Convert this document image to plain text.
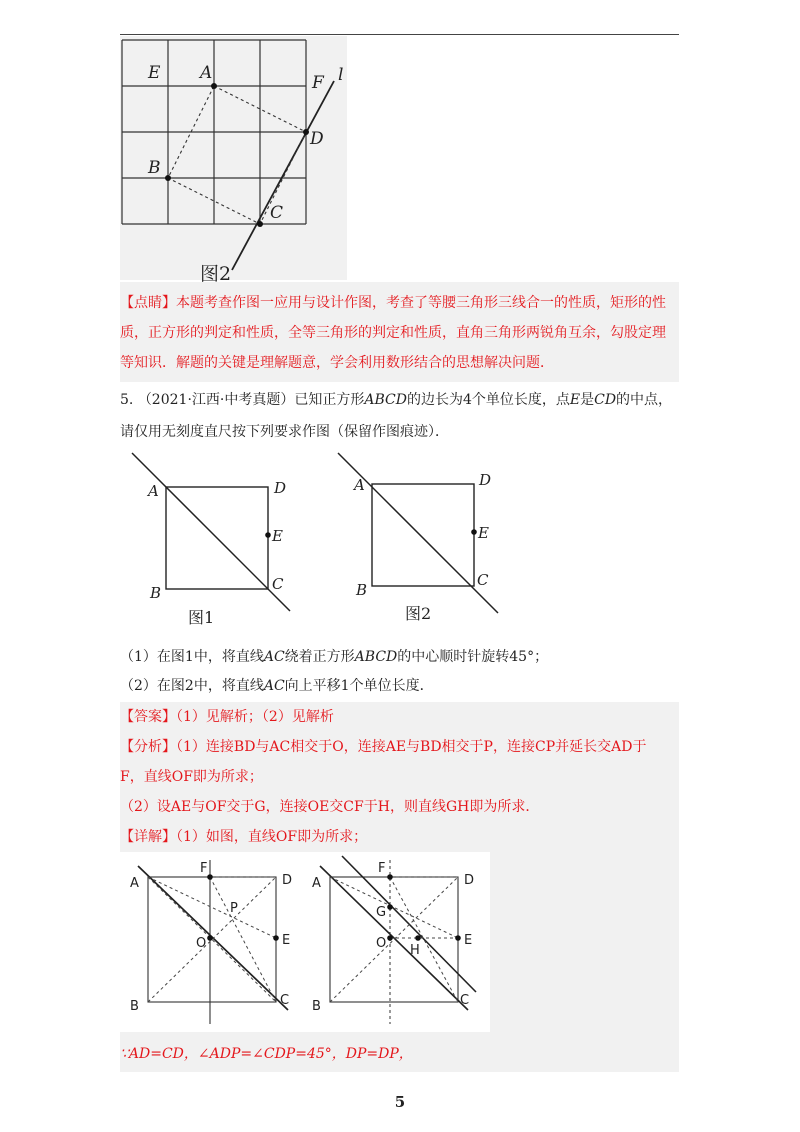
E A	F l
D
B
C
图2
【点睛】本题考查作图一应用与设计作图，考查了等腰三角形三线合一的性质，矩形的性
质，正方形的判定和性质，全等三角形的判定和性质，直角三角形两锐角互余，勾股定理
等知识．解题的关键是理解题意，学会利用数形结合的思想解决问题．
5. （2021·江西·中考真题）已知正方形ABCD的边长为4个单位长度，点E是CD的中点，
请仅用无刻度直尺按下列要求作图（保留作图痕迹）．
A
B	C
D
E
图1
A
B
C
D
E
图2
（1）在图1中，将直线AC绕着正方形ABCD的中心顺时针旋转45°；
（2）在图2中，将直线AC向上平移1个单位长度．
【答案】（1）见解析；（2）见解析
【分析】（1）连接BD与AC相交于O，连接AE与BD相交于P，连接CP并延长交AD于
F，直线OF即为所求；
（2）设AE与OF交于G，连接OE交CF于H，则直线GH即为所求．
【详解】（1）如图，直线OF即为所求；
A
B	C
D
E
F
O
P
A
B	C
D
E
F
O
G
H
∵AD=CD，∠ADP=∠CDP=45°，DP=DP，
5
